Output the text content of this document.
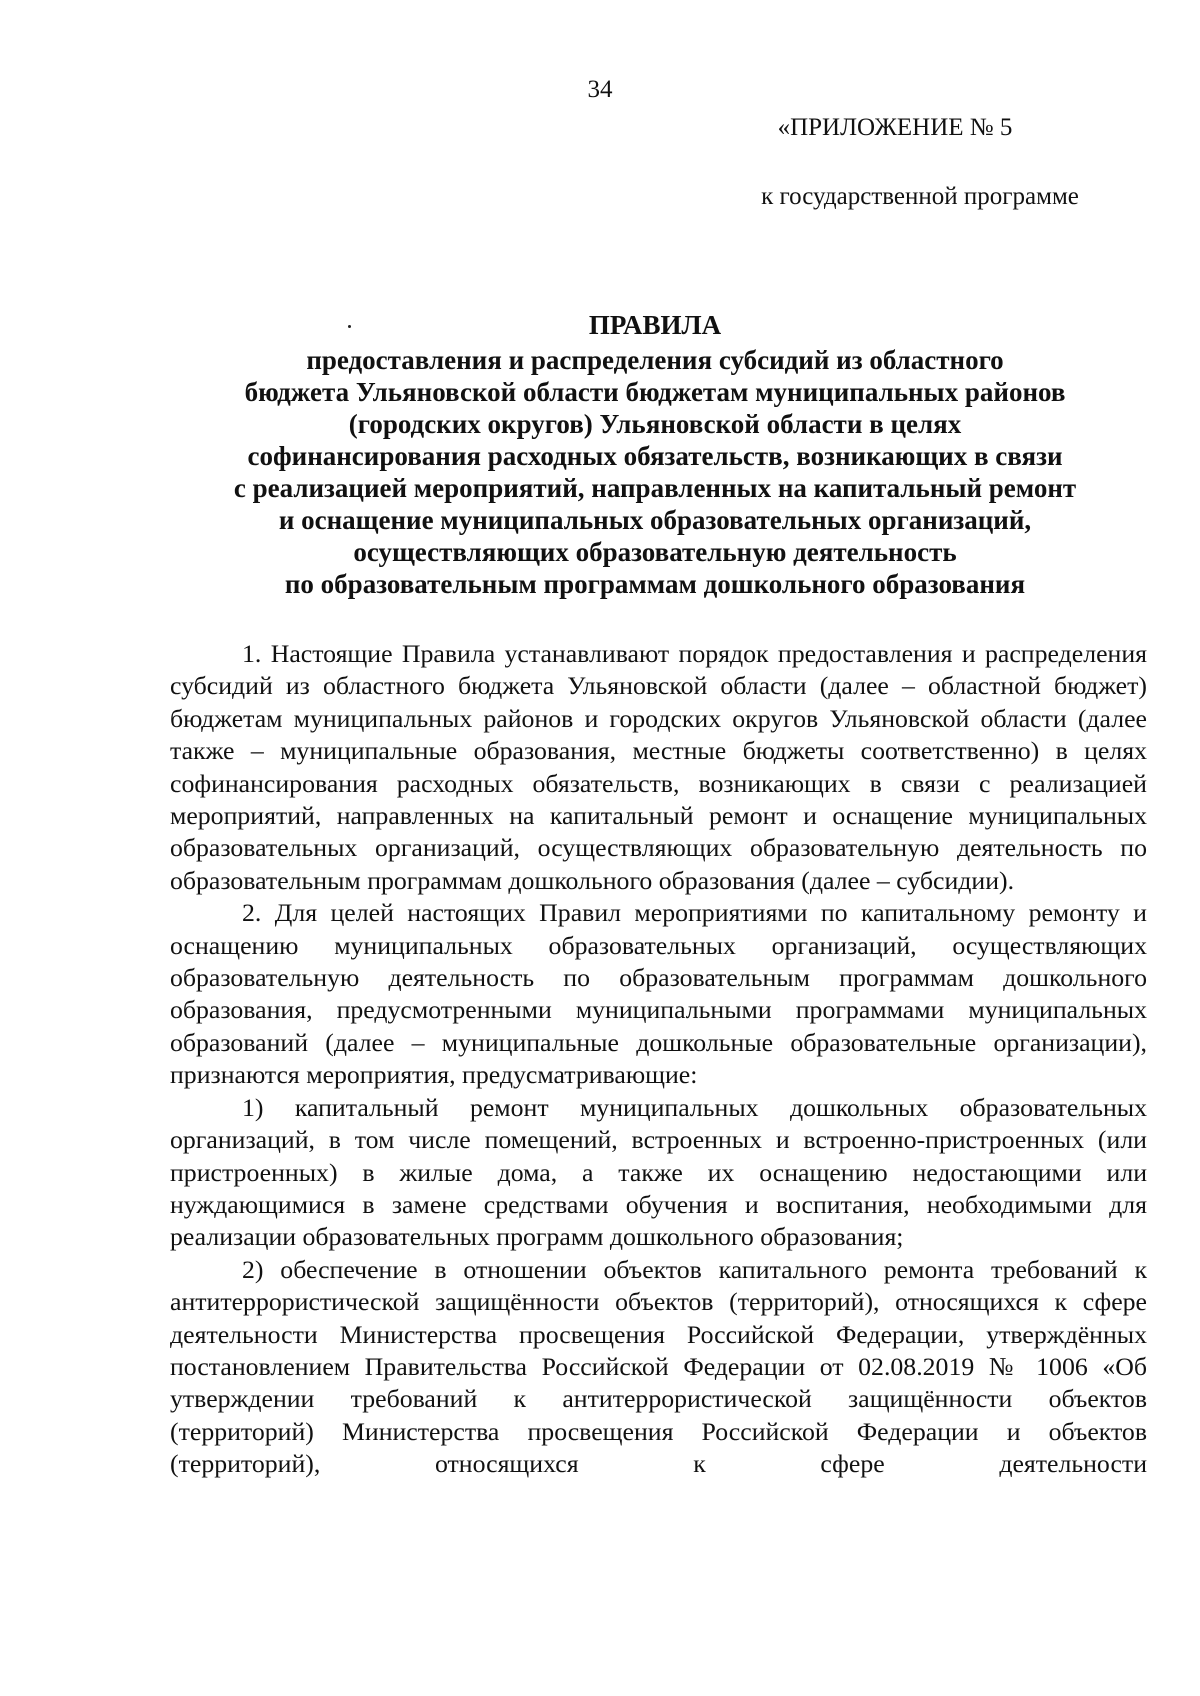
34
«ПРИЛОЖЕНИЕ № 5
к государственной программе
ПРАВИЛА
предоставления и распределения субсидий из областного
бюджета Ульяновской области бюджетам муниципальных районов
(городских округов) Ульяновской области в целях
софинансирования расходных обязательств, возникающих в связи
с реализацией мероприятий, направленных на капитальный ремонт
и оснащение муниципальных образовательных организаций,
осуществляющих образовательную деятельность
по образовательным программам дошкольного образования

1. Настоящие Правила устанавливают порядок предоставления и распределения субсидий из областного бюджета Ульяновской области (далее – областной бюджет) бюджетам муниципальных районов и городских округов Ульяновской области (далее также – муниципальные образования, местные бюджеты соответственно) в целях софинансирования расходных обязательств, возникающих в связи с реализацией мероприятий, направленных на капитальный ремонт и оснащение муниципальных образовательных организаций, осуществляющих образовательную деятельность по образовательным программам дошкольного образования (далее – субсидии).

2. Для целей настоящих Правил мероприятиями по капитальному ремонту и оснащению муниципальных образовательных организаций, осуществляющих образовательную деятельность по образовательным программам дошкольного образования, предусмотренными муниципальными программами муниципальных образований (далее – муниципальные дошкольные образовательные организации), признаются мероприятия, предусматривающие:

1) капитальный ремонт муниципальных дошкольных образовательных организаций, в том числе помещений, встроенных и встроенно-пристроенных (или пристроенных) в жилые дома, а также их оснащению недостающими или нуждающимися в замене средствами обучения и воспитания, необходимыми для реализации образовательных программ дошкольного образования;

2) обеспечение в отношении объектов капитального ремонта требований к антитеррористической защищённости объектов (территорий), относящихся к сфере деятельности Министерства просвещения Российской Федерации, утверждённых постановлением Правительства Российской Федерации от 02.08.2019 № 1006 «Об утверждении требований к антитеррористической защищённости объектов (территорий) Министерства просвещения Российской Федерации и объектов (территорий), относящихся к сфере деятельности
